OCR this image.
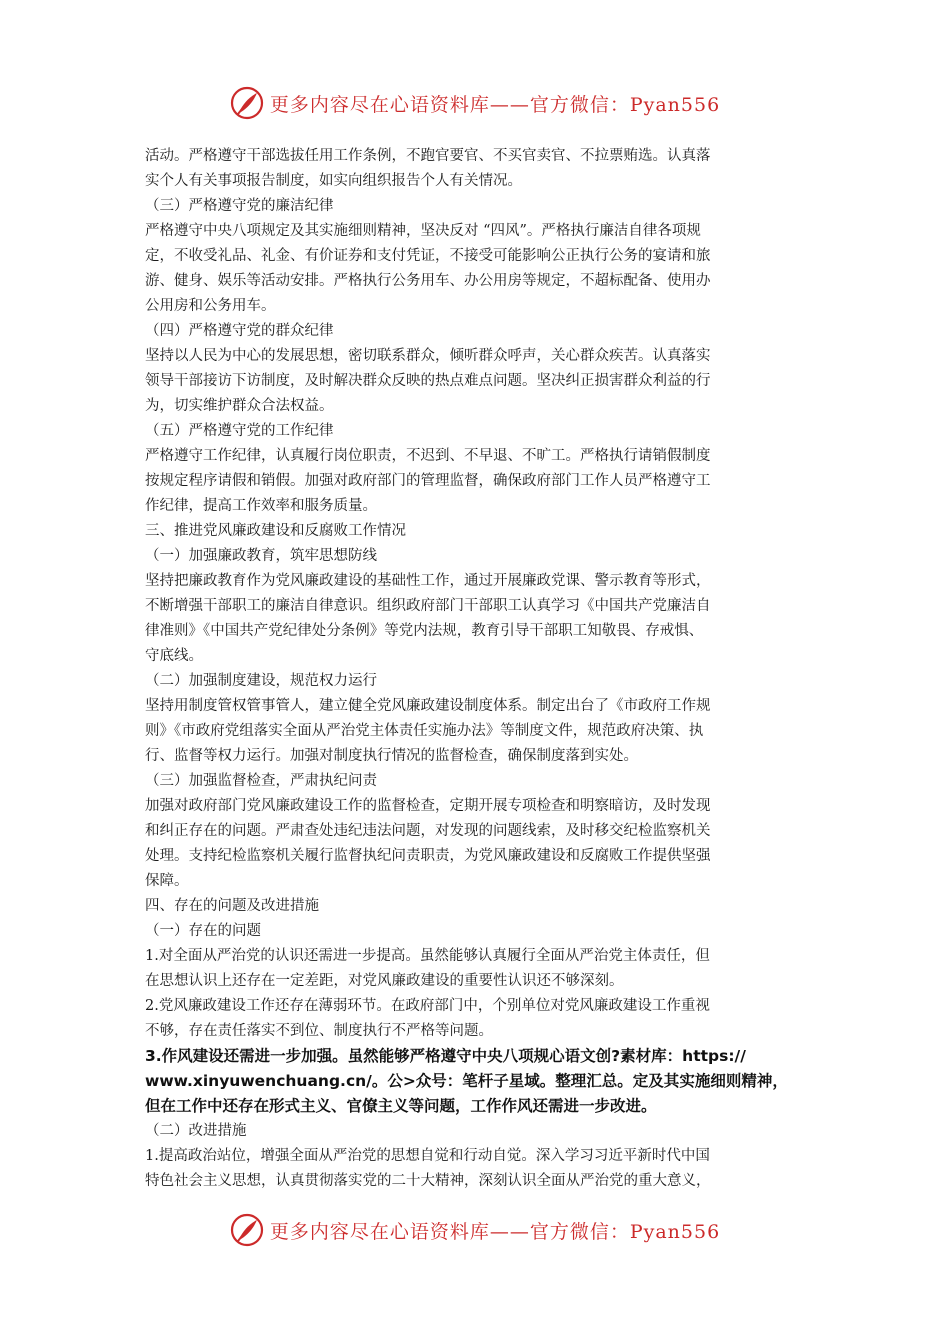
更多内容尽在心语资料库——官方微信：Pyan556

活动。严格遵守干部选拔任用工作条例，不跑官要官、不买官卖官、不拉票贿选。认真落

实个人有关事项报告制度，如实向组织报告个人有关情况。

（三）严格遵守党的廉洁纪律

严格遵守中央八项规定及其实施细则精神，坚决反对 “四风”。严格执行廉洁自律各项规

定，不收受礼品、礼金、有价证券和支付凭证，不接受可能影响公正执行公务的宴请和旅

游、健身、娱乐等活动安排。严格执行公务用车、办公用房等规定，不超标配备、使用办

公用房和公务用车。

（四）严格遵守党的群众纪律

坚持以人民为中心的发展思想，密切联系群众，倾听群众呼声，关心群众疾苦。认真落实

领导干部接访下访制度，及时解决群众反映的热点难点问题。坚决纠正损害群众利益的行

为，切实维护群众合法权益。

（五）严格遵守党的工作纪律

严格遵守工作纪律，认真履行岗位职责，不迟到、不早退、不旷工。严格执行请销假制度

按规定程序请假和销假。加强对政府部门的管理监督，确保政府部门工作人员严格遵守工

作纪律，提高工作效率和服务质量。

三、推进党风廉政建设和反腐败工作情况

（一）加强廉政教育，筑牢思想防线

坚持把廉政教育作为党风廉政建设的基础性工作，通过开展廉政党课、警示教育等形式，

不断增强干部职工的廉洁自律意识。组织政府部门干部职工认真学习《中国共产党廉洁自

律准则》《中国共产党纪律处分条例》等党内法规，教育引导干部职工知敬畏、存戒惧、

守底线。

（二）加强制度建设，规范权力运行

坚持用制度管权管事管人，建立健全党风廉政建设制度体系。制定出台了《市政府工作规

则》《市政府党组落实全面从严治党主体责任实施办法》等制度文件，规范政府决策、执

行、监督等权力运行。加强对制度执行情况的监督检查，确保制度落到实处。

（三）加强监督检查，严肃执纪问责

加强对政府部门党风廉政建设工作的监督检查，定期开展专项检查和明察暗访，及时发现

和纠正存在的问题。严肃查处违纪违法问题，对发现的问题线索，及时移交纪检监察机关

处理。支持纪检监察机关履行监督执纪问责职责，为党风廉政建设和反腐败工作提供坚强

保障。

四、存在的问题及改进措施

（一）存在的问题

1.对全面从严治党的认识还需进一步提高。虽然能够认真履行全面从严治党主体责任，但

在思想认识上还存在一定差距，对党风廉政建设的重要性认识还不够深刻。

2.党风廉政建设工作还存在薄弱环节。在政府部门中，个别单位对党风廉政建设工作重视

不够，存在责任落实不到位、制度执行不严格等问题。

3.作风建设还需进一步加强。虽然能够严格遵守中央八项规心语文创?素材库：https://

www.xinyuwenchuang.cn/。公>众号：笔杆子星域。整理汇总。定及其实施细则精神，

但在工作中还存在形式主义、官僚主义等问题，工作作风还需进一步改进。

（二）改进措施

1.提高政治站位，增强全面从严治党的思想自觉和行动自觉。深入学习习近平新时代中国

特色社会主义思想，认真贯彻落实党的二十大精神，深刻认识全面从严治党的重大意义，

更多内容尽在心语资料库——官方微信：Pyan556
